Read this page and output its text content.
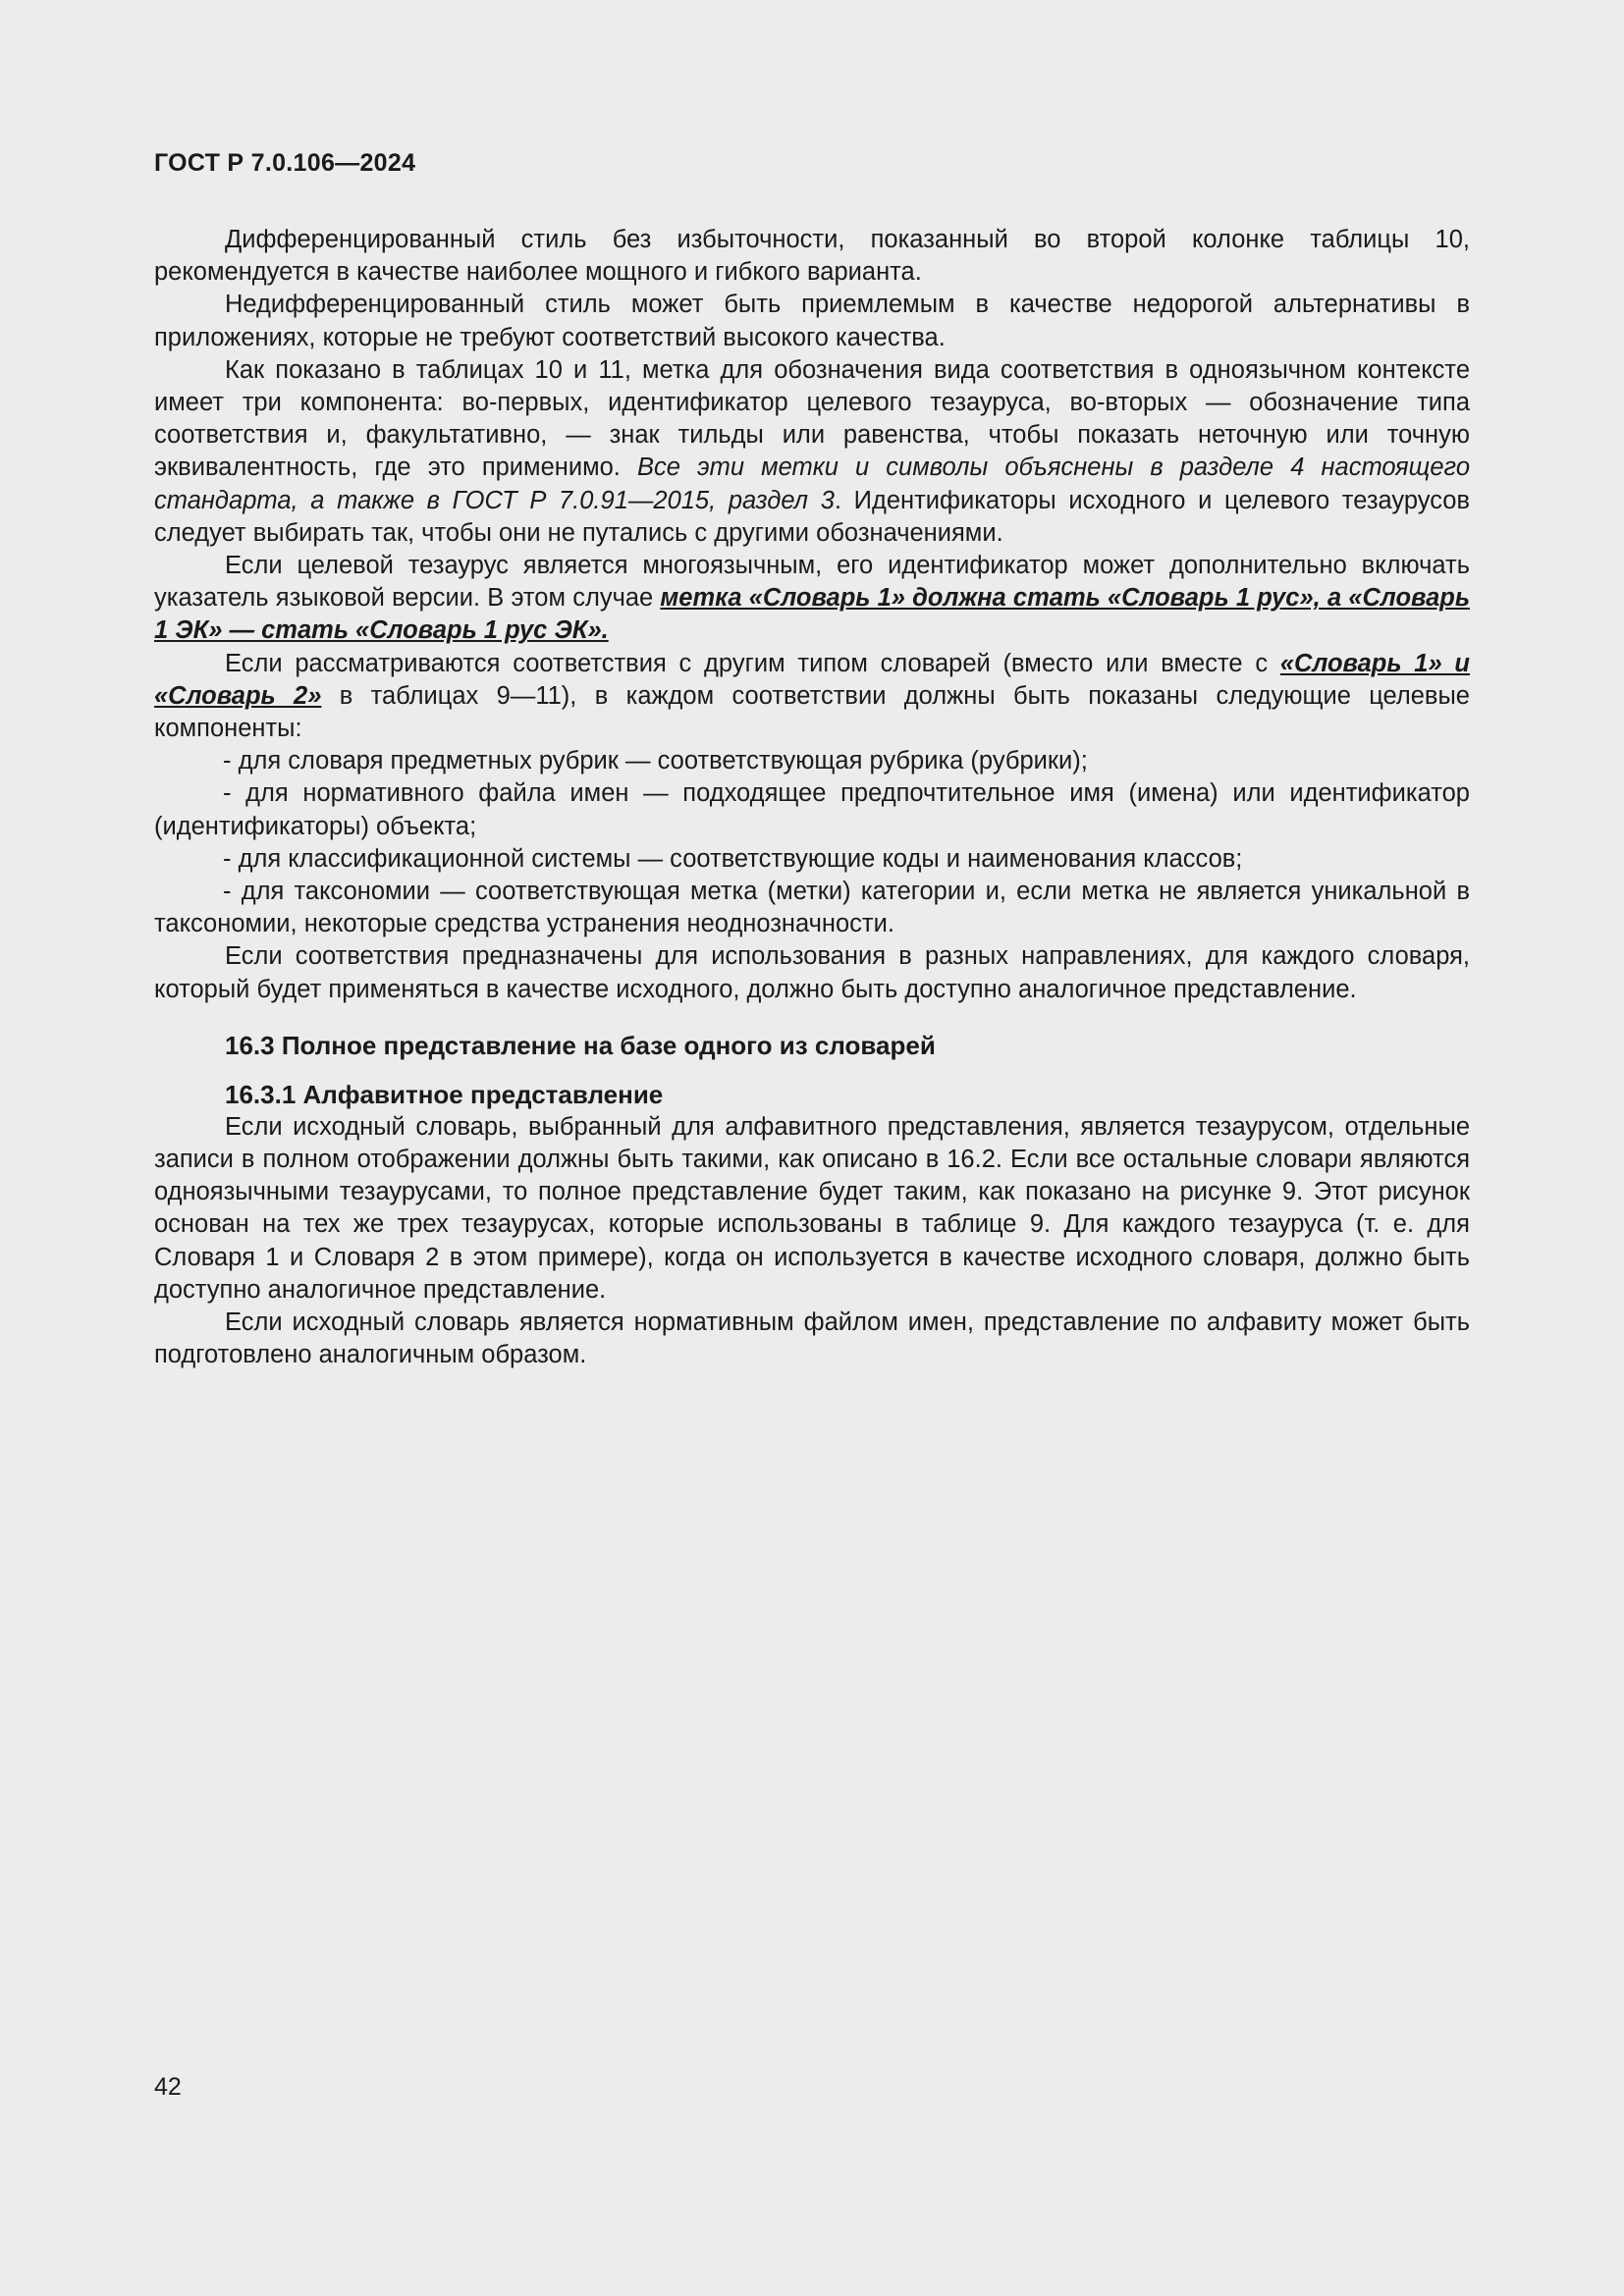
ГОСТ Р 7.0.106—2024

Дифференцированный стиль без избыточности, показанный во второй колонке таблицы 10, рекомендуется в качестве наиболее мощного и гибкого варианта.

Недифференцированный стиль может быть приемлемым в качестве недорогой альтернативы в приложениях, которые не требуют соответствий высокого качества.

Как показано в таблицах 10 и 11, метка для обозначения вида соответствия в одноязычном контексте имеет три компонента: во-первых, идентификатор целевого тезауруса, во-вторых — обозначение типа соответствия и, факультативно, — знак тильды или равенства, чтобы показать неточную или точную эквивалентность, где это применимо. Все эти метки и символы объяснены в разделе 4 настоящего стандарта, а также в ГОСТ Р 7.0.91—2015, раздел 3. Идентификаторы исходного и целевого тезаурусов следует выбирать так, чтобы они не путались с другими обозначениями.

Если целевой тезаурус является многоязычным, его идентификатор может дополнительно включать указатель языковой версии. В этом случае метка «Словарь 1» должна стать «Словарь 1 рус», а «Словарь 1 ЭК» — стать «Словарь 1 рус ЭК».

Если рассматриваются соответствия с другим типом словарей (вместо или вместе с «Словарь 1» и «Словарь 2» в таблицах 9—11), в каждом соответствии должны быть показаны следующие целевые компоненты:

- для словаря предметных рубрик — соответствующая рубрика (рубрики);

- для нормативного файла имен — подходящее предпочтительное имя (имена) или идентификатор (идентификаторы) объекта;

- для классификационной системы — соответствующие коды и наименования классов;

- для таксономии — соответствующая метка (метки) категории и, если метка не является уникальной в таксономии, некоторые средства устранения неоднозначности.

Если соответствия предназначены для использования в разных направлениях, для каждого словаря, который будет применяться в качестве исходного, должно быть доступно аналогичное представление.

16.3 Полное представление на базе одного из словарей
16.3.1 Алфавитное представление

Если исходный словарь, выбранный для алфавитного представления, является тезаурусом, отдельные записи в полном отображении должны быть такими, как описано в 16.2. Если все остальные словари являются одноязычными тезаурусами, то полное представление будет таким, как показано на рисунке 9. Этот рисунок основан на тех же трех тезаурусах, которые использованы в таблице 9. Для каждого тезауруса (т. е. для Словаря 1 и Словаря 2 в этом примере), когда он используется в качестве исходного словаря, должно быть доступно аналогичное представление.

Если исходный словарь является нормативным файлом имен, представление по алфавиту может быть подготовлено аналогичным образом.

42
